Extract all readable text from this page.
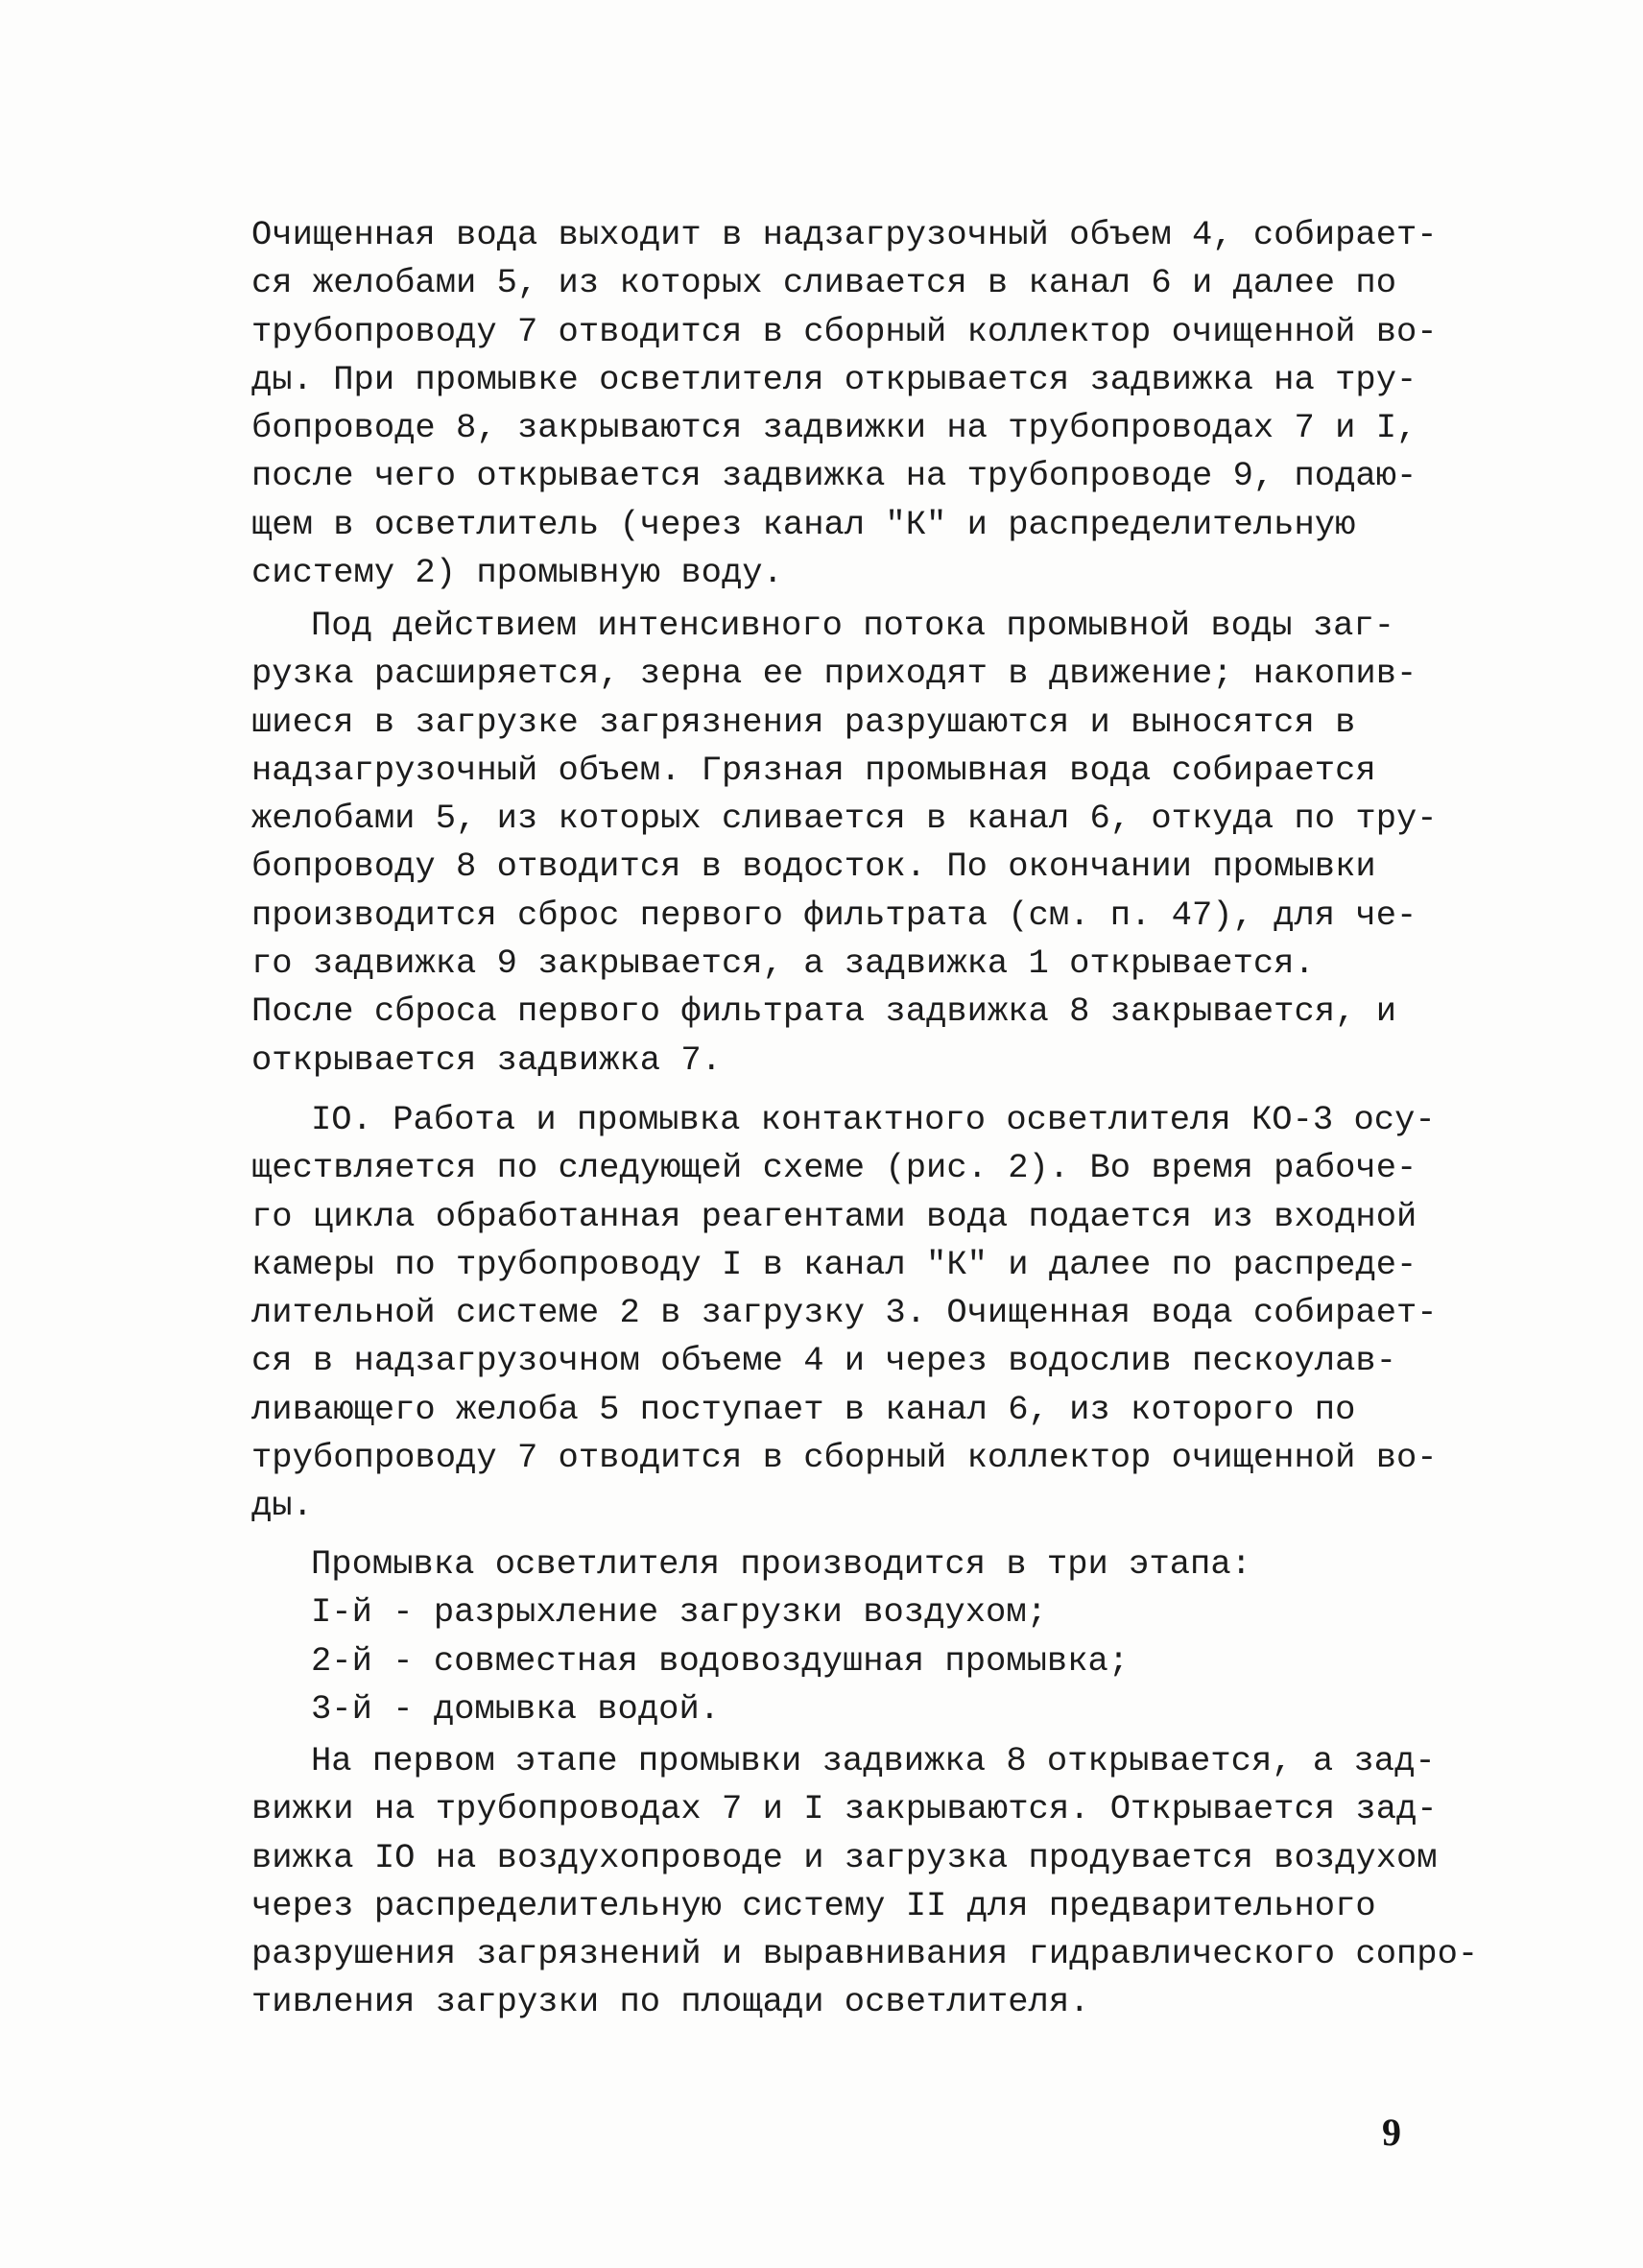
Очищенная вода выходит в надзагрузочный объем 4, собирает-
ся желобами 5, из которых сливается в канал 6 и далее по
трубопроводу 7 отводится в сборный коллектор очищенной во-
ды. При промывке осветлителя открывается задвижка на тру-
бопроводе 8, закрываются задвижки на трубопроводах 7 и I,
после чего открывается задвижка на трубопроводе 9, подаю-
щем в осветлитель (через канал "К" и распределительную
систему 2) промывную воду.
Под действием интенсивного потока промывной воды заг-
рузка расширяется, зерна ее приходят в движение; накопив-
шиеся в загрузке загрязнения разрушаются и выносятся в
надзагрузочный объем. Грязная промывная вода собирается
желобами 5, из которых сливается в канал 6, откуда по тру-
бопроводу 8 отводится в водосток. По окончании промывки
производится сброс первого фильтрата (см. п. 47), для че-
го задвижка 9 закрывается, а задвижка 1 открывается.
После сброса первого фильтрата задвижка 8 закрывается, и
открывается задвижка 7.
IO. Работа и промывка контактного осветлителя КО-3 осу-
ществляется по следующей схеме (рис. 2). Во время рабоче-
го цикла обработанная реагентами вода подается из входной
камеры по трубопроводу I в канал "К" и далее по распреде-
лительной системе 2 в загрузку 3. Очищенная вода собирает-
ся в надзагрузочном объеме 4 и через водослив пескоулав-
ливающего желоба 5 поступает в канал 6, из которого по
трубопроводу 7 отводится в сборный коллектор очищенной во-
ды.
Промывка осветлителя производится в три этапа:
I-й - разрыхление загрузки воздухом;
2-й - совместная водовоздушная промывка;
3-й - домывка водой.
На первом этапе промывки задвижка 8 открывается, а зад-
вижки на трубопроводах 7 и I закрываются. Открывается зад-
вижка IO на воздухопроводе и загрузка продувается воздухом
через распределительную систему II для предварительного
разрушения загрязнений и выравнивания гидравлического сопро-
тивления загрузки по площади осветлителя.
9
